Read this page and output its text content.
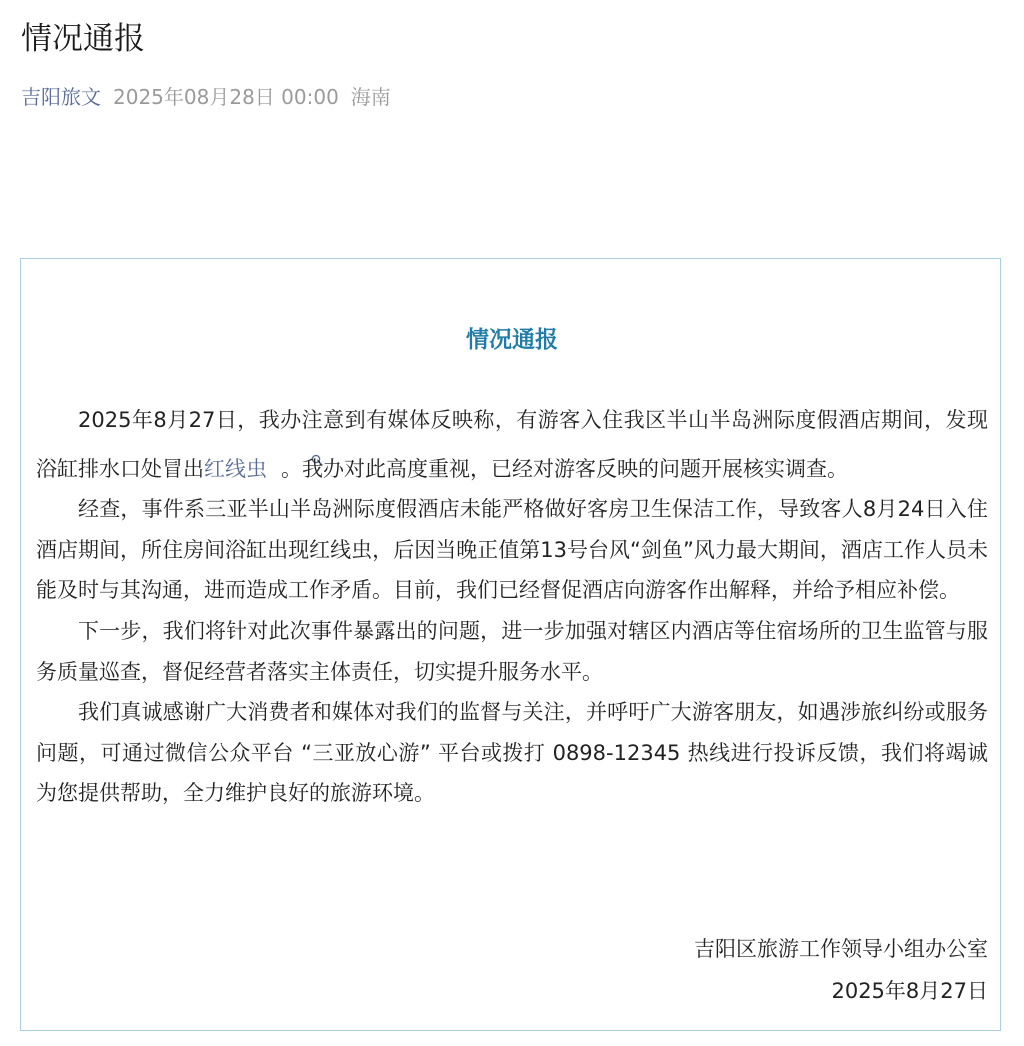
情况通报
吉阳旅文 2025年08月28日 00:00 海南
情况通报

2025年8月27日，我办注意到有媒体反映称，有游客入住我区半山半岛洲际度假酒店期间，发现浴缸排水口处冒出红线虫 。我办对此高度重视，已经对游客反映的问题开展核实调查。

经查，事件系三亚半山半岛洲际度假酒店未能严格做好客房卫生保洁工作，导致客人8月24日入住酒店期间，所住房间浴缸出现红线虫，后因当晚正值第13号台风“剑鱼”风力最大期间，酒店工作人员未能及时与其沟通，进而造成工作矛盾。目前，我们已经督促酒店向游客作出解释，并给予相应补偿。

下一步，我们将针对此次事件暴露出的问题，进一步加强对辖区内酒店等住宿场所的卫生监管与服务质量巡查，督促经营者落实主体责任，切实提升服务水平。

我们真诚感谢广大消费者和媒体对我们的监督与关注，并呼吁广大游客朋友，如遇涉旅纠纷或服务问题，可通过微信公众平台 “三亚放心游” 平台或拨打 0898-12345 热线进行投诉反馈，我们将竭诚为您提供帮助，全力维护良好的旅游环境。

吉阳区旅游工作领导小组办公室
2025年8月27日
